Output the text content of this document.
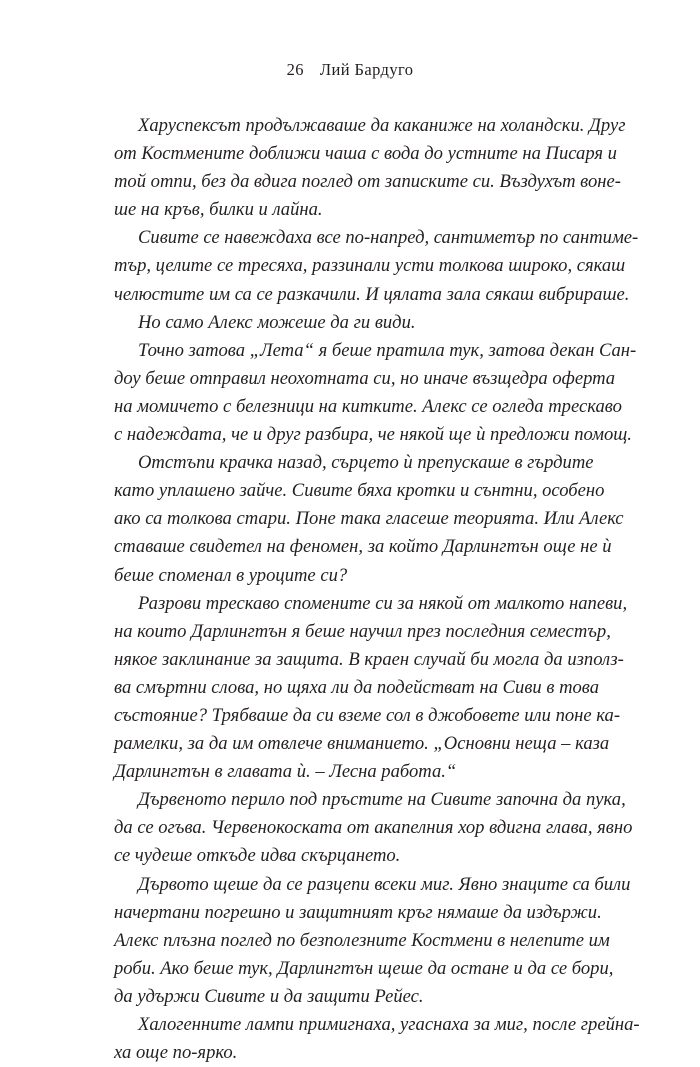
26 Лий Бардуго

Харуспексът продължаваше да каканиже на холандски. Друг
от Костмените доближи чаша с вода до устните на Писаря и
той отпи, без да вдига поглед от записките си. Въздухът воне-
ше на кръв, билки и лайна.

Сивите се навеждаха все по-напред, сантиметър по сантиме-
тър, целите се тресяха, раззинали усти толкова широко, сякаш
челюстите им са се разкачили. И цялата зала сякаш вибрираше.

Но само Алекс можеше да ги види.

Точно затова „Лета“ я беше пратила тук, затова декан Сан-
доу беше отправил неохотната си, но иначе възщедра оферта
на момичето с белезници на китките. Алекс се огледа трескаво
с надеждата, че и друг разбира, че някой ще ѝ предложи помощ.

Отстъпи крачка назад, сърцето ѝ препускаше в гърдите
като уплашено зайче. Сивите бяха кротки и сънтни, особено
ако са толкова стари. Поне така гласеше теорията. Или Алекс
ставаше свидетел на феномен, за който Дарлингтън още не ѝ
беше споменал в уроците си?

Разрови трескаво спомените си за някой от малкото напеви,
на които Дарлингтън я беше научил през последния семестър,
някое заклинание за защита. В краен случай би могла да използ-
ва смъртни слова, но щяха ли да подействат на Сиви в това
състояние? Трябваше да си вземе сол в джобовете или поне ка-
рамелки, за да им отвлече вниманието. „Основни неща – каза
Дарлингтън в главата ѝ. – Лесна работа.“

Дървеното перило под пръстите на Сивите започна да пука,
да се огъва. Червенокоската от акапелния хор вдигна глава, явно
се чудеше откъде идва скърцането.

Дървото щеше да се разцепи всеки миг. Явно знаците са били
начертани погрешно и защитният кръг нямаше да издържи.
Алекс плъзна поглед по безполезните Костмени в нелепите им
роби. Ако беше тук, Дарлингтън щеше да остане и да се бори,
да удържи Сивите и да защити Рейес.

Халогенните лампи примигнаха, угаснаха за миг, после грейна-
ха още по-ярко.
